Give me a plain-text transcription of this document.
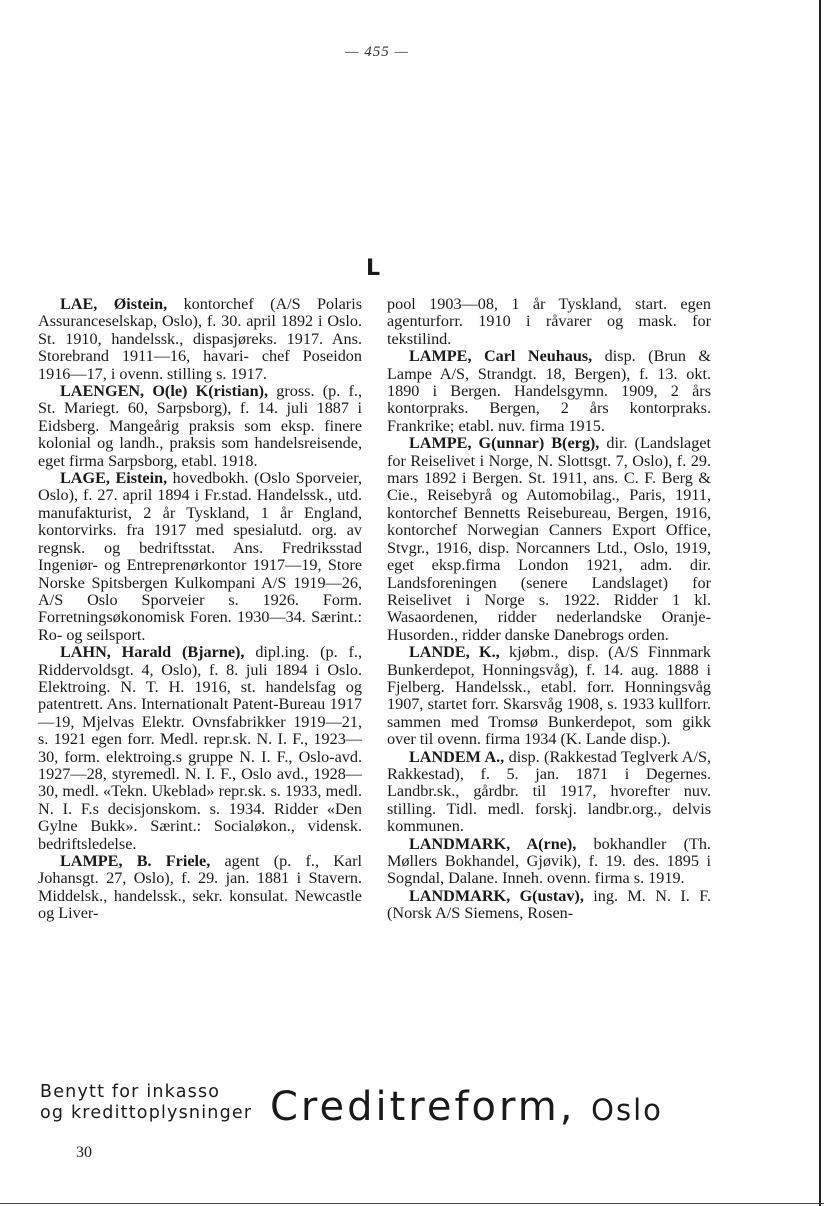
— 455 —
L

LAE, Øistein, kontorchef (A/S Polaris Assuranceselskap, Oslo), f. 30. april 1892 i Oslo. St. 1910, handelssk., dispasjøreks. 1917. Ans. Storebrand 1911—16, havari- chef Poseidon 1916—17, i ovenn. stilling s. 1917.

LAENGEN, O(le) K(ristian), gross. (p. f., St. Mariegt. 60, Sarpsborg), f. 14. juli 1887 i Eidsberg. Mangeårig praksis som eksp. finere kolonial og landh., praksis som handelsreisende, eget firma Sarpsborg, etabl. 1918.

LAGE, Eistein, hovedbokh. (Oslo Sporveier, Oslo), f. 27. april 1894 i Fr.stad. Handelssk., utd. manufakturist, 2 år Tyskland, 1 år England, kontorvirks. fra 1917 med spesialutd. org. av regnsk. og bedriftsstat. Ans. Fredriksstad Ingeniør- og Entreprenørkontor 1917—19, Store Norske Spitsbergen Kulkompani A/S 1919—26, A/S Oslo Sporveier s. 1926. Form. Forretningsøkonomisk Foren. 1930—34. Særint.: Ro- og seilsport.

LAHN, Harald (Bjarne), dipl.ing. (p. f., Riddervoldsgt. 4, Oslo), f. 8. juli 1894 i Oslo. Elektroing. N. T. H. 1916, st. handelsfag og patentrett. Ans. Internationalt Patent-Bureau 1917—19, Mjelvas Elektr. Ovnsfabrikker 1919—21, s. 1921 egen forr. Medl. repr.sk. N. I. F., 1923—30, form. elektroing.s gruppe N. I. F., Oslo-avd. 1927—28, styremedl. N. I. F., Oslo avd., 1928—30, medl. «Tekn. Ukeblad» repr.sk. s. 1933, medl. N. I. F.s decisjonskom. s. 1934. Ridder «Den Gylne Bukk». Særint.: Socialøkon., vidensk. bedriftsledelse.

LAMPE, B. Friele, agent (p. f., Karl Johansgt. 27, Oslo), f. 29. jan. 1881 i Stavern. Middelsk., handelssk., sekr. konsulat. Newcastle og Liver-

pool 1903—08, 1 år Tyskland, start. egen agenturforr. 1910 i råvarer og mask. for tekstilind.

LAMPE, Carl Neuhaus, disp. (Brun & Lampe A/S, Strandgt. 18, Bergen), f. 13. okt. 1890 i Bergen. Handelsgymn. 1909, 2 års kontorpraks. Bergen, 2 års kontorpraks. Frankrike; etabl. nuv. firma 1915.

LAMPE, G(unnar) B(erg), dir. (Landslaget for Reiselivet i Norge, N. Slottsgt. 7, Oslo), f. 29. mars 1892 i Bergen. St. 1911, ans. C. F. Berg & Cie., Reisebyrå og Automobilag., Paris, 1911, kontorchef Bennetts Reisebureau, Bergen, 1916, kontorchef Norwegian Canners Export Office, Stvgr., 1916, disp. Norcanners Ltd., Oslo, 1919, eget eksp.firma London 1921, adm. dir. Landsforeningen (senere Landslaget) for Reiselivet i Norge s. 1922. Ridder 1 kl. Wasaordenen, ridder nederlandske Oranje-Husorden., ridder danske Danebrogs orden.

LANDE, K., kjøbm., disp. (A/S Finnmark Bunkerdepot, Honningsvåg), f. 14. aug. 1888 i Fjelberg. Handelssk., etabl. forr. Honningsvåg 1907, startet forr. Skarsvåg 1908, s. 1933 kullforr. sammen med Tromsø Bunkerdepot, som gikk over til ovenn. firma 1934 (K. Lande disp.).

LANDEM A., disp. (Rakkestad Teglverk A/S, Rakkestad), f. 5. jan. 1871 i Degernes. Landbr.sk., gårdbr. til 1917, hvorefter nuv. stilling. Tidl. medl. forskj. landbr.org., delvis kommunen.

LANDMARK, A(rne), bokhandler (Th. Møllers Bokhandel, Gjøvik), f. 19. des. 1895 i Sogndal, Dalane. Inneh. ovenn. firma s. 1919.

LANDMARK, G(ustav), ing. M. N. I. F. (Norsk A/S Siemens, Rosen-

Benytt for inkasso
og kredittoplysninger Creditreform, Oslo
30
